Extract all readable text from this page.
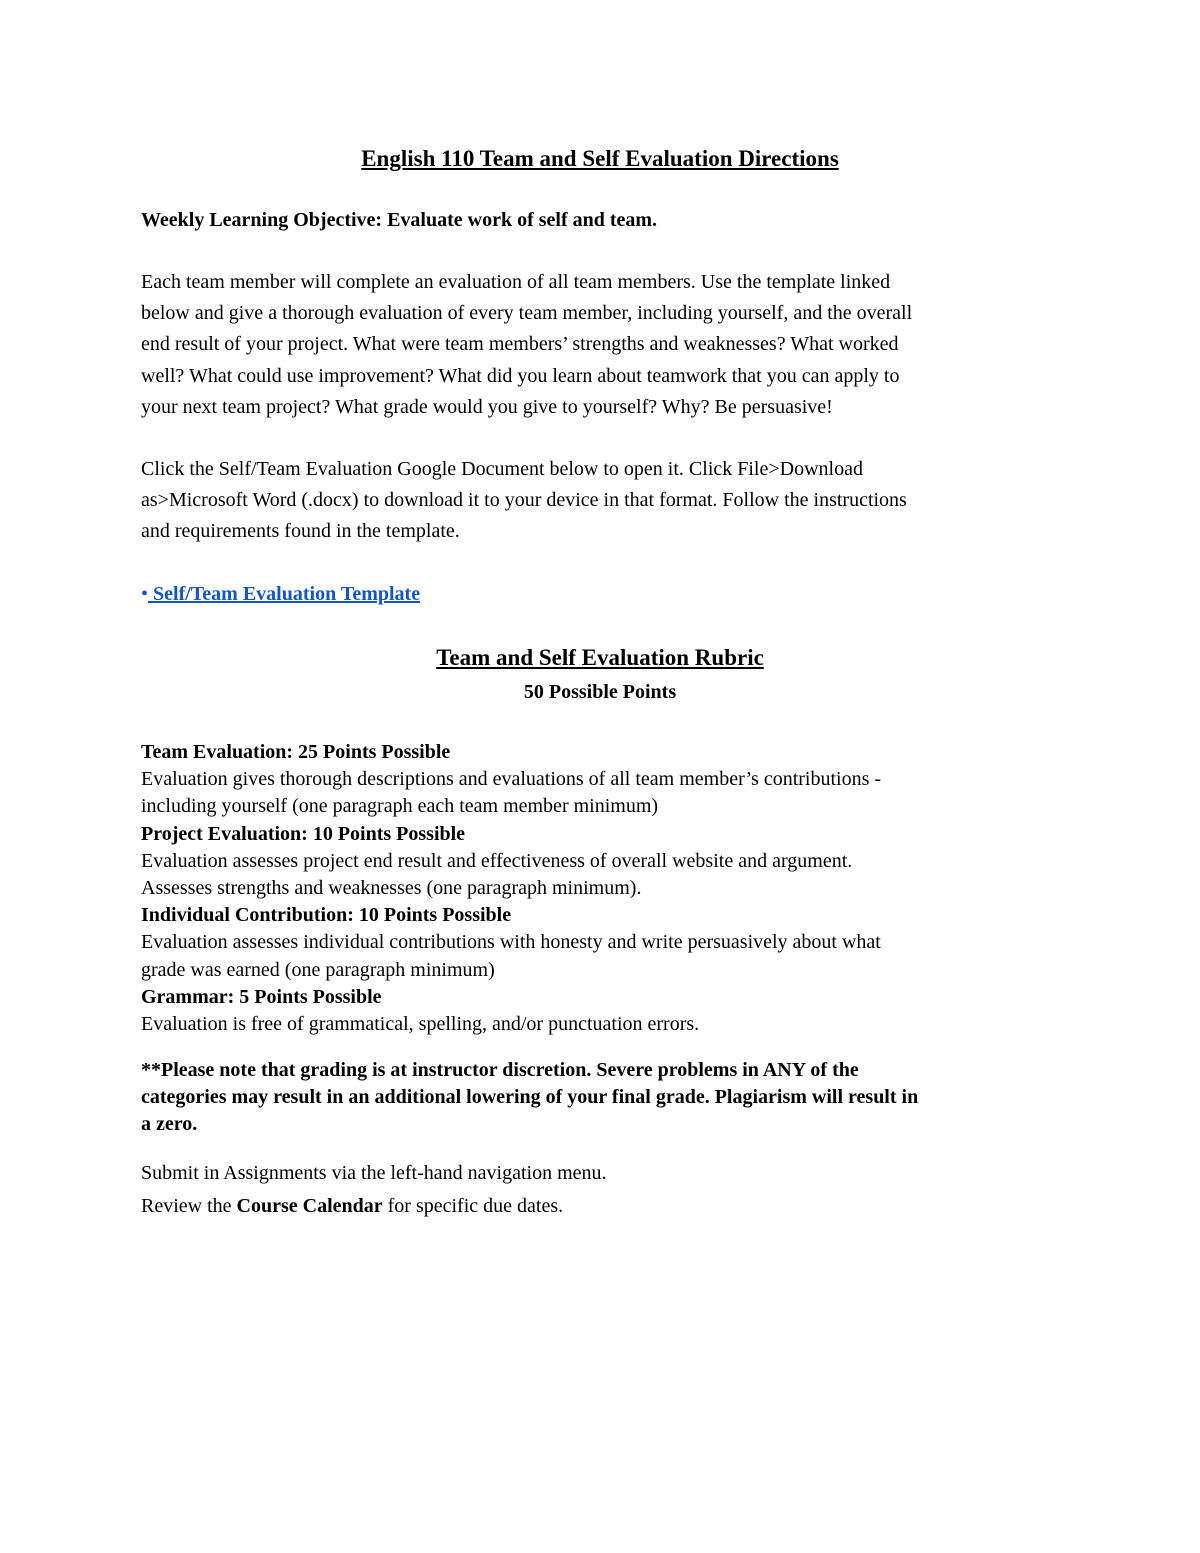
English 110 Team and Self Evaluation Directions
Weekly Learning Objective: Evaluate work of self and team.
Each team member will complete an evaluation of all team members. Use the template linked
below and give a thorough evaluation of every team member, including yourself, and the overall
end result of your project. What were team members’ strengths and weaknesses? What worked
well? What could use improvement? What did you learn about teamwork that you can apply to
your next team project? What grade would you give to yourself? Why? Be persuasive!
Click the Self/Team Evaluation Google Document below to open it. Click File>Download
as>Microsoft Word (.docx) to download it to your device in that format. Follow the instructions
and requirements found in the template.
• Self/Team Evaluation Template
Team and Self Evaluation Rubric
50 Possible Points
Team Evaluation: 25 Points Possible
Evaluation gives thorough descriptions and evaluations of all team member’s contributions -
including yourself (one paragraph each team member minimum)
Project Evaluation: 10 Points Possible
Evaluation assesses project end result and effectiveness of overall website and argument.
Assesses strengths and weaknesses (one paragraph minimum).
Individual Contribution: 10 Points Possible
Evaluation assesses individual contributions with honesty and write persuasively about what
grade was earned (one paragraph minimum)
Grammar: 5 Points Possible
Evaluation is free of grammatical, spelling, and/or punctuation errors.
**Please note that grading is at instructor discretion. Severe problems in ANY of the
categories may result in an additional lowering of your final grade. Plagiarism will result in
a zero.
Submit in Assignments via the left-hand navigation menu.
Review the Course Calendar for specific due dates.
